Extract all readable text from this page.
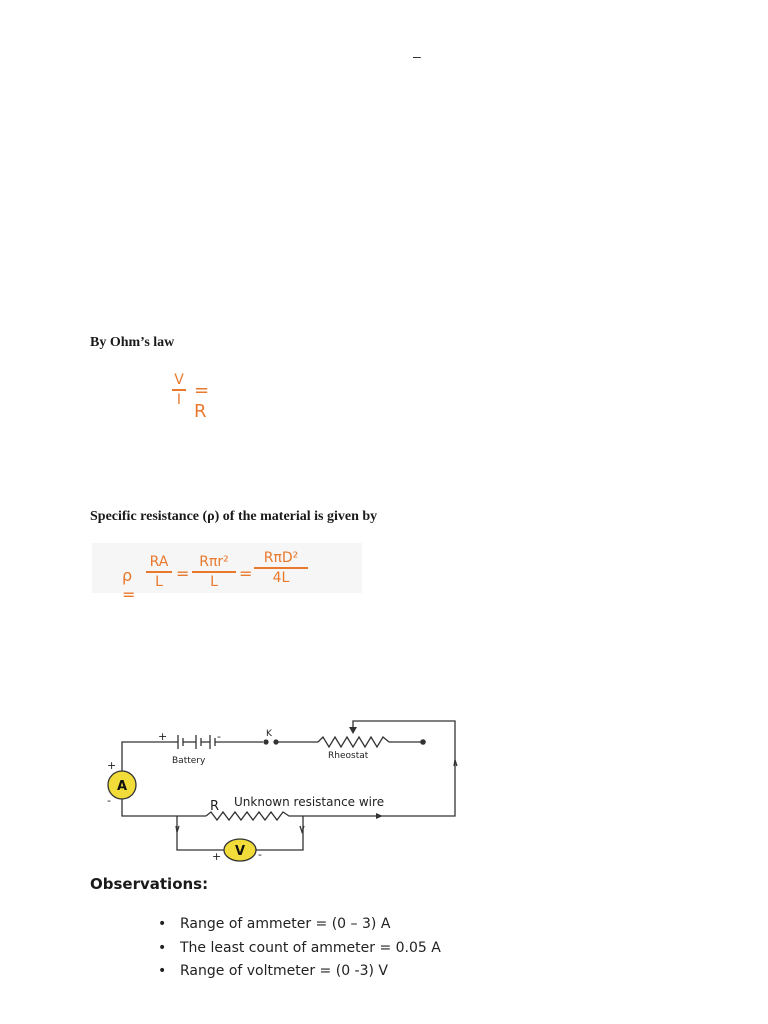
–
By Ohm’s law
V
I = R
Specific resistance (ρ) of the material is given by
ρ =
RA
L =
Rπr²
L	=
RπD²
4L
A
V
Battery	Rheostat
K
R Unknown resistance wire
+	-
+
-
+	-
Observations:
• Range of ammeter = (0 – 3) A
• The least count of ammeter = 0.05 A
• Range of voltmeter = (0 -3) V
